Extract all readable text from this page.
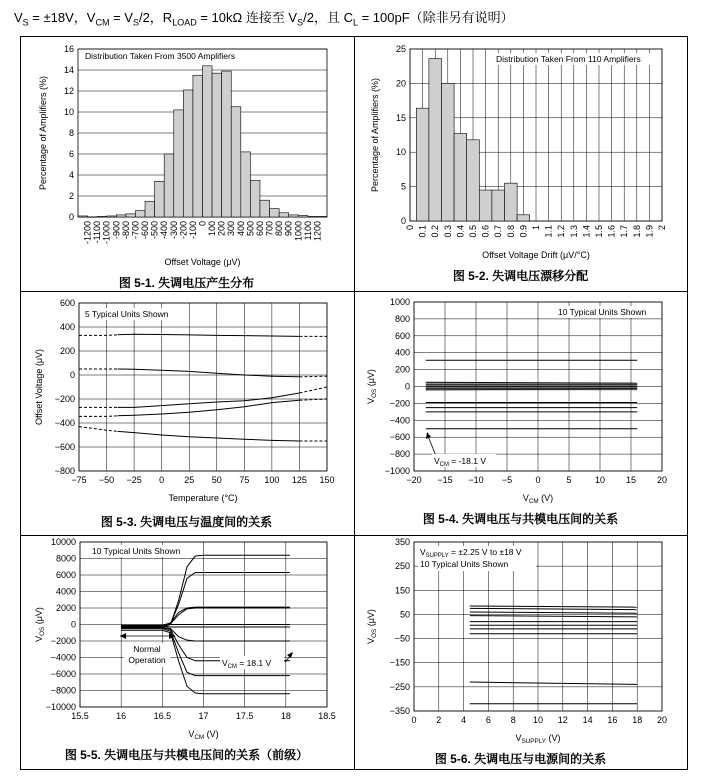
$V_S = \pm 18V$，$V_{CM} = V_S/2$，$R_{LOAD} = 10k\Omega$ 连接至 $V_S/2$，且 $C_L = 100pF$（除非另有说明）
0
2
4
6
8
10
12
14
16
-1200 -1100 -1000 -900 -800 -700 -600 -500 -400 -300 -200 -100 0 100 200 300 400 500 600 700 800 900 1000 1100 1200
Distribution Taken From 3500 Amplifiers
Offset Voltage (μV)
Percentage of Amplifiers (%)
0
5
10
15
20
25
0 0.1 0.2 0.3 0.4 0.5 0.6 0.7 0.8 0.9 1 1.1 1.2 1.3 1.4 1.5 1.6 1.7 1.8 1.9 2
Distribution Taken From 110 Amplifiers
Offset Voltage Drift (μV/°C)
Percentage of Amplifiers (%)
−800
−600
−400
−200
0
200
400
600
−75 −50 −25 0 25 50 75 100 125 150
5 Typical Units Shown
Temperature (°C)
Offset Voltage (μV)
−1000
−800
−600
−400
−200
0
200
400
600
800
1000
−20 −15 −10 −5	0	5	10 15 20
10 Typical Units Shown
$V_{CM} = -18.1$ V
$V_{CM}$ (V)
$V_{OS}$ (μV)
−10000
−8000
−6000
−4000
−2000
0
2000
4000
6000
8000
10000
15.5	16	16.5	17	17.5	18	18.5
10 Typical Units Shown
Normal
Operation	$V_{CM} = 18.1$ V
$V_{CM}$ (V)
$V_{OS}$ (μV)
−350
−250
−150
−50
50
150
250
350
0 2 4 6 8 10 12 14 16 18 20
$V_{SUPPLY} = \pm 2.25$ V to ±18 V
10 Typical Units Shown
$V_{SUPPLY}$ (V)
$V_{OS}$ (μV)
图 5-1. 失调电压产生分布	图 5-2. 失调电压漂移分配
图 5-3. 失调电压与温度间的关系	图 5-4. 失调电压与共模电压间的关系
图 5-5. 失调电压与共模电压间的关系（前级）	图 5-6. 失调电压与电源间的关系
